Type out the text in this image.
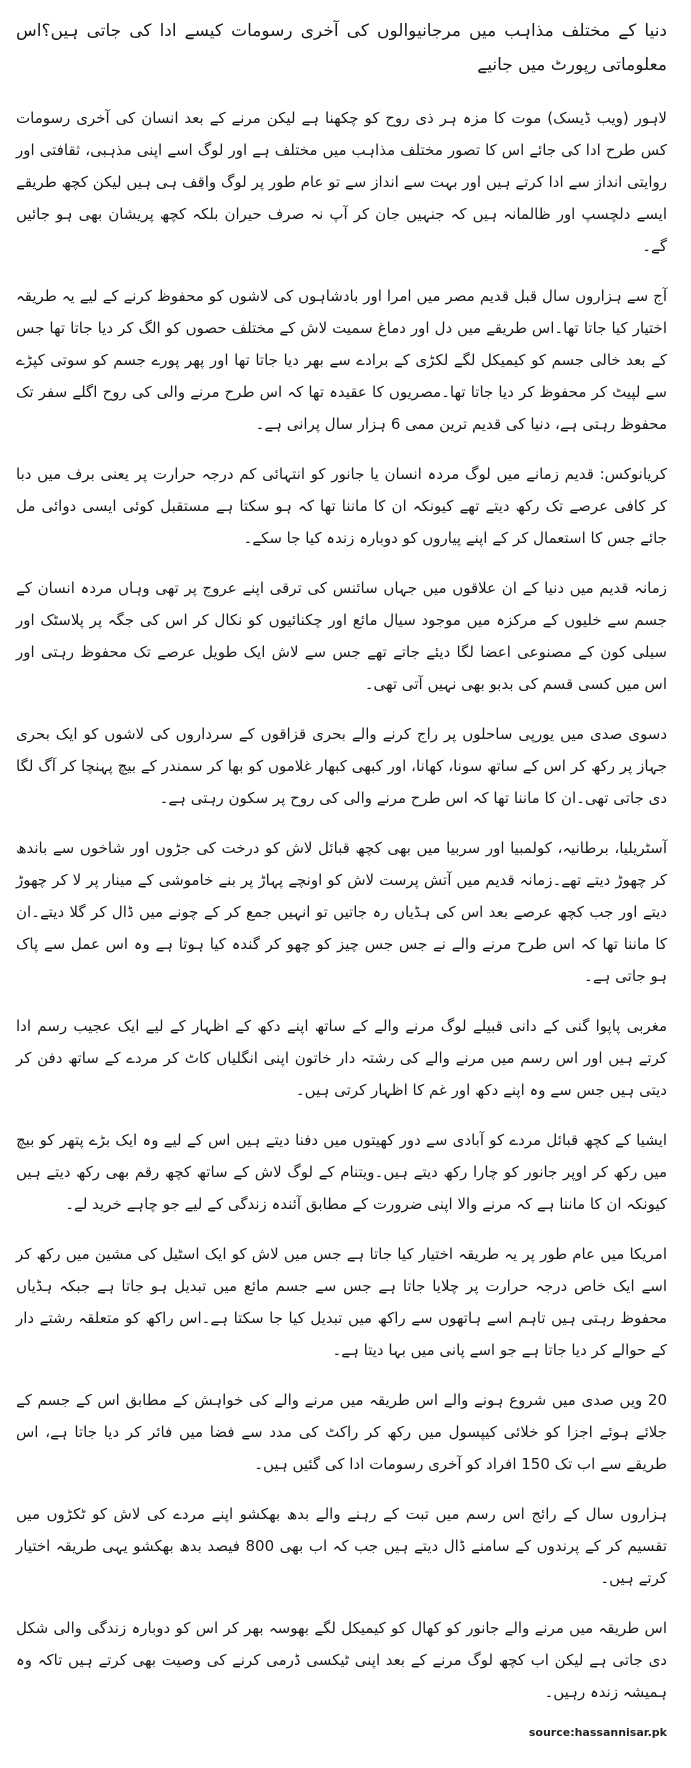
دنیا کے مختلف مذاہب میں مرجانیوالوں کی آخری رسومات کیسے ادا کی جاتی ہیں؟اس معلوماتی رپورٹ میں جانیے

لاہور (ویب ڈیسک) موت کا مزہ ہر ذی روح کو چکھنا ہے لیکن مرنے کے بعد انسان کی آخری رسومات کس طرح ادا کی جائے اس کا تصور مختلف مذاہب میں مختلف ہے اور لوگ اسے اپنی مذہبی، ثقافتی اور روایتی انداز سے ادا کرتے ہیں اور بہت سے انداز سے تو عام طور پر لوگ واقف ہی ہیں لیکن کچھ طریقے ایسے دلچسپ اور ظالمانہ ہیں کہ جنہیں جان کر آپ نہ صرف حیران بلکہ کچھ پریشان بھی ہو جائیں گے۔

آج سے ہزاروں سال قبل قدیم مصر میں امرا اور بادشاہوں کی لاشوں کو محفوظ کرنے کے لیے یہ طریقہ اختیار کیا جاتا تھا۔اس طریقے میں دل اور دماغ سمیت لاش کے مختلف حصوں کو الگ کر دیا جاتا تھا جس کے بعد خالی جسم کو کیمیکل لگے لکڑی کے برادے سے بھر دیا جاتا تھا اور پھر پورے جسم کو سوتی کپڑے سے لپیٹ کر محفوظ کر دیا جاتا تھا۔مصریوں کا عقیدہ تھا کہ اس طرح مرنے والی کی روح اگلے سفر تک محفوظ رہتی ہے، دنیا کی قدیم ترین ممی 6 ہزار سال پرانی ہے۔

کریانوکس: قدیم زمانے میں لوگ مردہ انسان یا جانور کو انتہائی کم درجہ حرارت پر یعنی برف میں دبا کر کافی عرصے تک رکھ دیتے تھے کیونکہ ان کا ماننا تھا کہ ہو سکتا ہے مستقبل کوئی ایسی دوائی مل جائے جس کا استعمال کر کے اپنے پیاروں کو دوبارہ زندہ کیا جا سکے۔

زمانہ قدیم میں دنیا کے ان علاقوں میں جہاں سائنس کی ترقی اپنے عروج پر تھی وہاں مردہ انسان کے جسم سے خلیوں کے مرکزہ میں موجود سیال مائع اور چکنائیوں کو نکال کر اس کی جگہ پر پلاسٹک اور سیلی کون کے مصنوعی اعضا لگا دیئے جاتے تھے جس سے لاش ایک طویل عرصے تک محفوظ رہتی اور اس میں کسی قسم کی بدبو بھی نہیں آتی تھی۔

دسوی صدی میں یورپی ساحلوں پر راج کرنے والے بحری قزاقوں کے سرداروں کی لاشوں کو ایک بحری جہاز پر رکھ کر اس کے ساتھ سونا، کھانا، اور کبھی کبھار غلاموں کو بھا کر سمندر کے بیچ پہنچا کر آگ لگا دی جاتی تھی۔ان کا ماننا تھا کہ اس طرح مرنے والی کی روح پر سکون رہتی ہے۔

آسٹریلیا، برطانیہ، کولمبیا اور سربیا میں بھی کچھ قبائل لاش کو درخت کی جڑوں اور شاخوں سے باندھ کر چھوڑ دیتے تھے۔زمانہ قدیم میں آتش پرست لاش کو اونچے پہاڑ پر بنے خاموشی کے مینار پر لا کر چھوڑ دیتے اور جب کچھ عرصے بعد اس کی ہڈیاں رہ جاتیں تو انہیں جمع کر کے چونے میں ڈال کر گلا دیتے۔ان کا ماننا تھا کہ اس طرح مرنے والے نے جس جس چیز کو چھو کر گندہ کیا ہوتا ہے وہ اس عمل سے پاک ہو جاتی ہے۔

مغربی پاپوا گنی کے دانی قبیلے لوگ مرنے والے کے ساتھ اپنے دکھ کے اظہار کے لیے ایک عجیب رسم ادا کرتے ہیں اور اس رسم میں مرنے والے کی رشتہ دار خاتون اپنی انگلیاں کاٹ کر مردے کے ساتھ دفن کر دیتی ہیں جس سے وہ اپنے دکھ اور غم کا اظہار کرتی ہیں۔

ایشیا کے کچھ قبائل مردے کو آبادی سے دور کھیتوں میں دفنا دیتے ہیں اس کے لیے وہ ایک بڑے پتھر کو بیچ میں رکھ کر اوپر جانور کو چارا رکھ دیتے ہیں۔ویتنام کے لوگ لاش کے ساتھ کچھ رقم بھی رکھ دیتے ہیں کیونکہ ان کا ماننا ہے کہ مرنے والا اپنی ضرورت کے مطابق آئندہ زندگی کے لیے جو چاہے خرید لے۔

امریکا میں عام طور پر یہ طریقہ اختیار کیا جاتا ہے جس میں لاش کو ایک اسٹیل کی مشین میں رکھ کر اسے ایک خاص درجہ حرارت پر چلایا جاتا ہے جس سے جسم مائع میں تبدیل ہو جاتا ہے جبکہ ہڈیاں محفوظ رہتی ہیں تاہم اسے ہاتھوں سے راکھ میں تبدیل کیا جا سکتا ہے۔اس راکھ کو متعلقہ رشتے دار کے حوالے کر دیا جاتا ہے جو اسے پانی میں بہا دیتا ہے۔

20 ویں صدی میں شروع ہونے والے اس طریقہ میں مرنے والے کی خواہش کے مطابق اس کے جسم کے جلائے ہوئے اجزا کو خلائی کیپسول میں رکھ کر راکٹ کی مدد سے فضا میں فائر کر دیا جاتا ہے، اس طریقے سے اب تک 150 افراد کو آخری رسومات ادا کی گئیں ہیں۔

ہزاروں سال کے رائج اس رسم میں تبت کے رہنے والے بدھ بھکشو اپنے مردے کی لاش کو ٹکڑوں میں تقسیم کر کے پرندوں کے سامنے ڈال دیتے ہیں جب کہ اب بھی 800 فیصد بدھ بھکشو یہی طریقہ اختیار کرتے ہیں۔

اس طریقہ میں مرنے والے جانور کو کھال کو کیمیکل لگے بھوسہ بھر کر اس کو دوبارہ زندگی والی شکل دی جاتی ہے لیکن اب کچھ لوگ مرنے کے بعد اپنی ٹیکسی ڈرمی کرنے کی وصیت بھی کرتے ہیں تاکہ وہ ہمیشہ زندہ رہیں۔

source:hassannisar.pk
